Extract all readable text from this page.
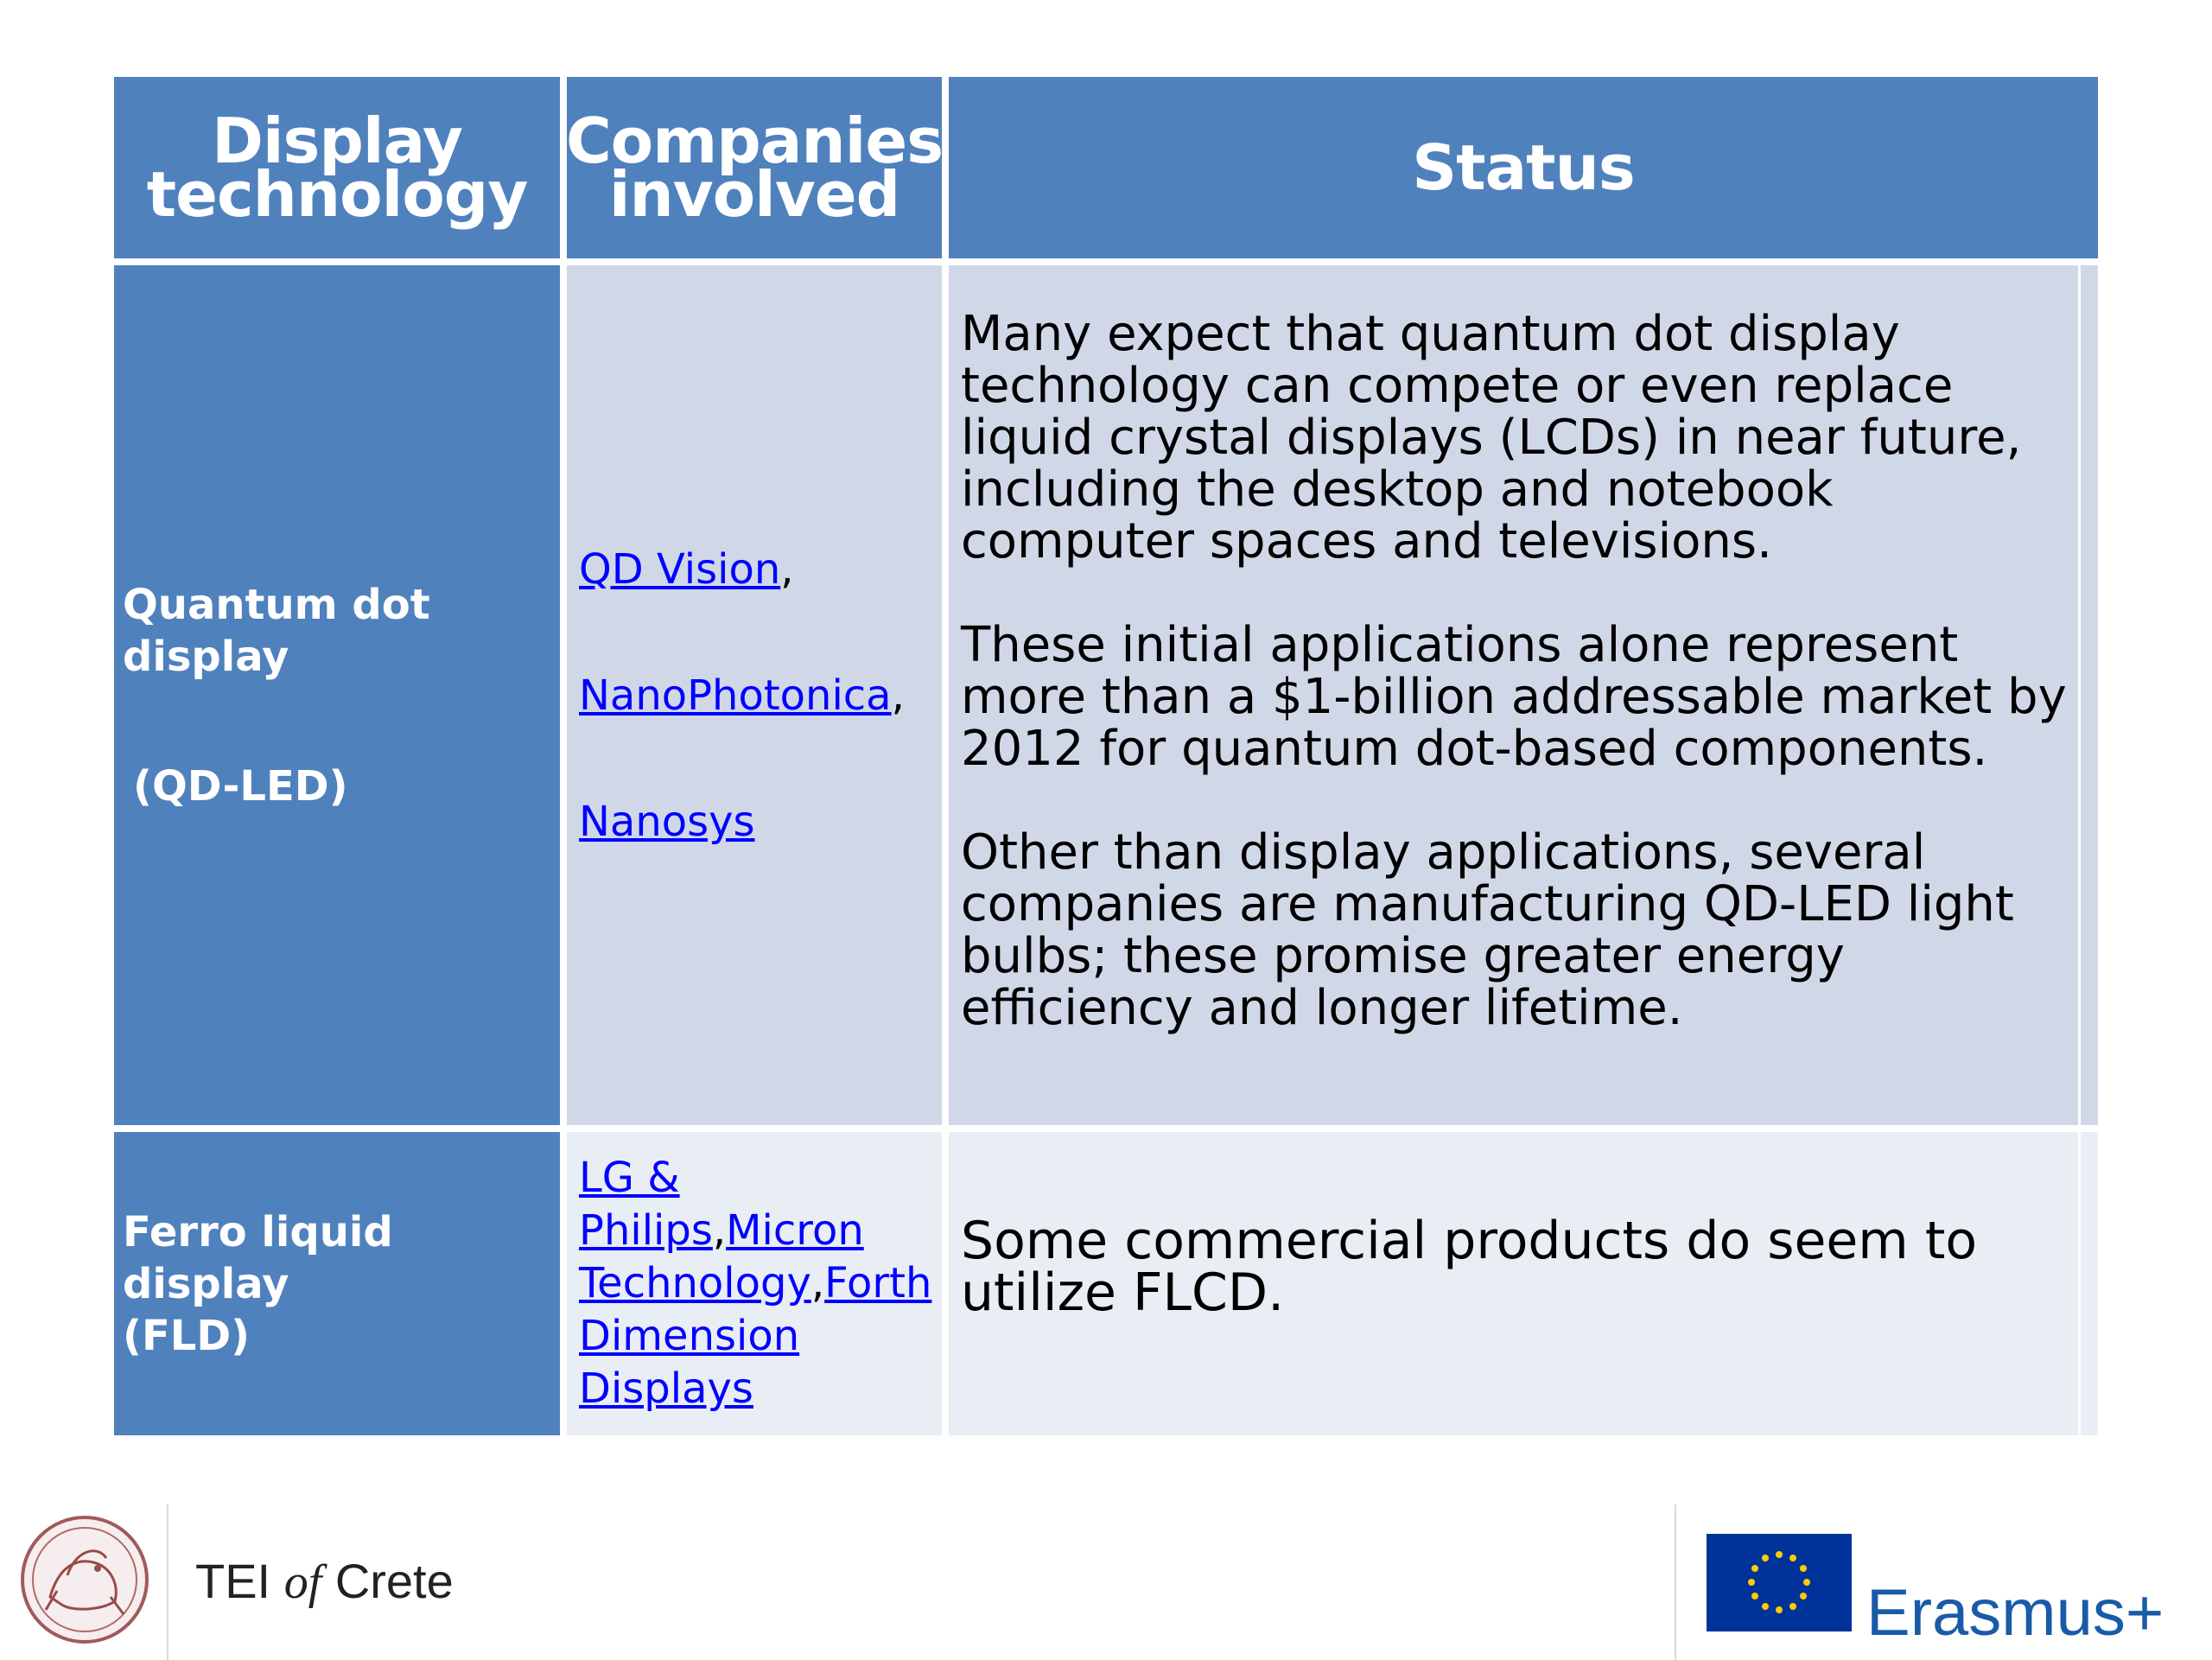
Display technology
Companies involved	Status
Quantum dot
display
(QD-LED)
QD Vision,
NanoPhotonica,
Nanosys

Many expect that quantum dot display technology can compete or even replace liquid crystal displays (LCDs) in near future, including the desktop and notebook computer spaces and televisions.

These initial applications alone represent more than a $1-billion addressable market by 2012 for quantum dot-based components.

Other than display applications, several companies are manufacturing QD-LED light bulbs; these promise greater energy efficiency and longer lifetime.

Ferro liquid display
(FLD)
LG & Philips,Micron Technology,Forth Dimension Displays
Some commercial products do seem to utilize FLCD.
TEI of Crete	Erasmus+
